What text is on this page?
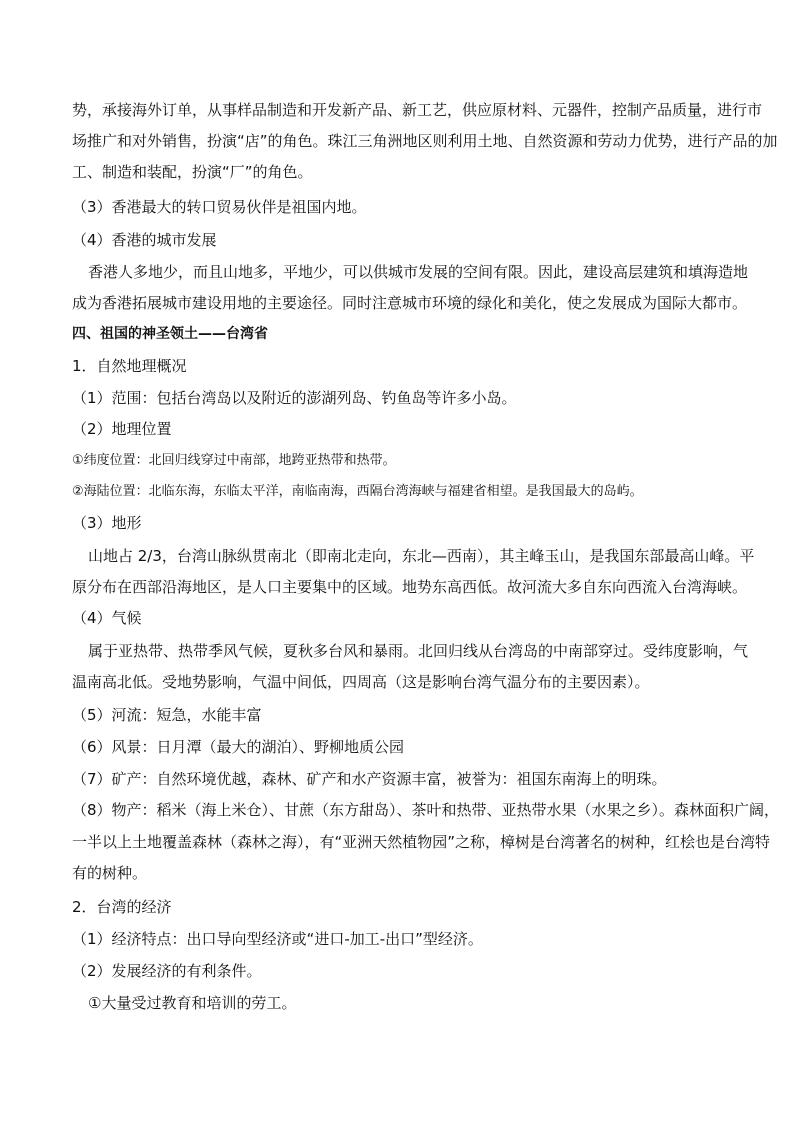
势，承接海外订单，从事样品制造和开发新产品、新工艺，供应原材料、元器件，控制产品质量，进行市
场推广和对外销售，扮演“店”的角色。珠江三角洲地区则利用土地、自然资源和劳动力优势，进行产品的加
工、制造和装配，扮演“厂”的角色。
（3）香港最大的转口贸易伙伴是祖国内地。
（4）香港的城市发展
香港人多地少，而且山地多，平地少，可以供城市发展的空间有限。因此，建设高层建筑和填海造地
成为香港拓展城市建设用地的主要途径。同时注意城市环境的绿化和美化，使之发展成为国际大都市。
四、祖国的神圣领土——台湾省
1．自然地理概况
（1）范围：包括台湾岛以及附近的澎湖列岛、钓鱼岛等许多小岛。
（2）地理位置
①纬度位置：北回归线穿过中南部，地跨亚热带和热带。
②海陆位置：北临东海，东临太平洋，南临南海，西隔台湾海峡与福建省相望。是我国最大的岛屿。
（3）地形
山地占 2/3，台湾山脉纵贯南北（即南北走向，东北—西南），其主峰玉山，是我国东部最高山峰。平
原分布在西部沿海地区，是人口主要集中的区域。地势东高西低。故河流大多自东向西流入台湾海峡。
（4）气候
属于亚热带、热带季风气候，夏秋多台风和暴雨。北回归线从台湾岛的中南部穿过。受纬度影响，气
温南高北低。受地势影响，气温中间低，四周高（这是影响台湾气温分布的主要因素）。
（5）河流：短急，水能丰富
（6）风景：日月潭（最大的湖泊）、野柳地质公园
（7）矿产：自然环境优越，森林、矿产和水产资源丰富，被誉为：祖国东南海上的明珠。
（8）物产：稻米（海上米仓）、甘蔗（东方甜岛）、茶叶和热带、亚热带水果（水果之乡）。森林面积广阔，
一半以上土地覆盖森林（森林之海），有“亚洲天然植物园”之称，樟树是台湾著名的树种，红桧也是台湾特
有的树种。
2．台湾的经济
（1）经济特点：出口导向型经济或“进口-加工-出口”型经济。
（2）发展经济的有利条件。
①大量受过教育和培训的劳工。
